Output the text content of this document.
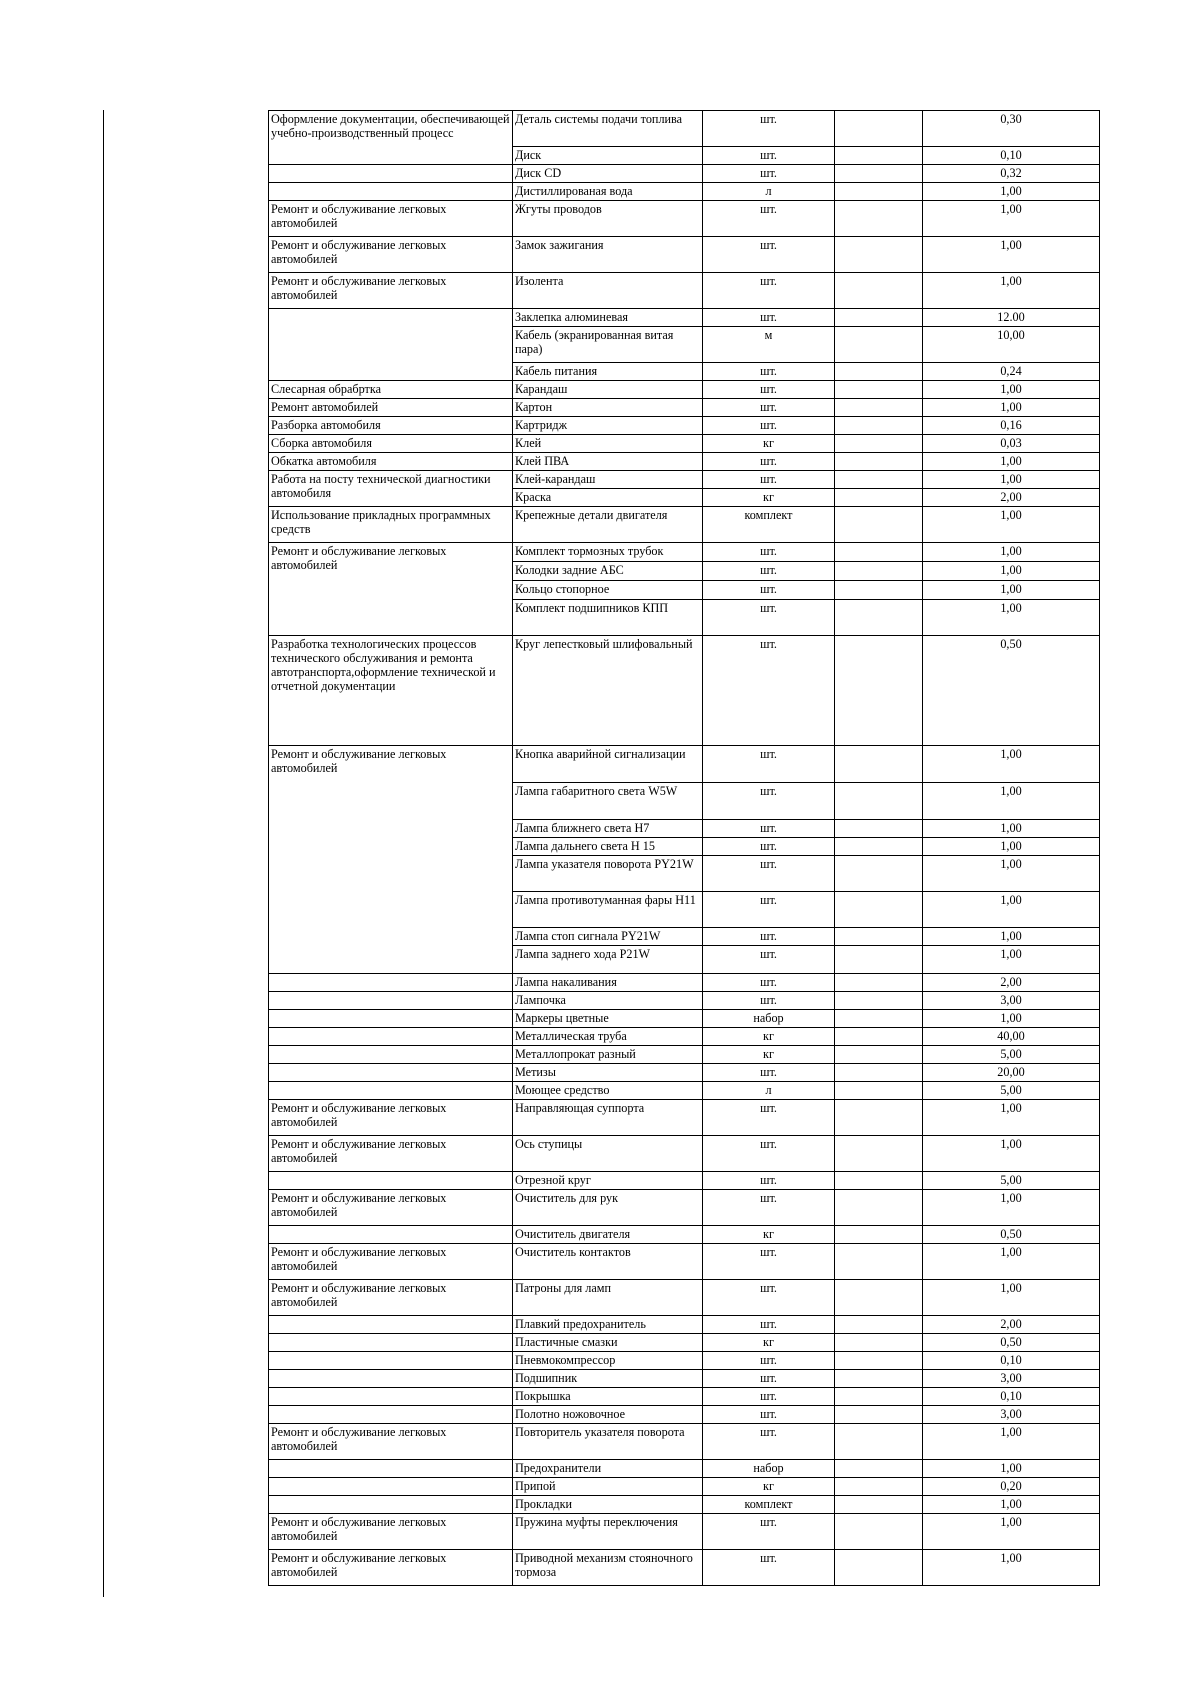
Оформление документации, обеспечивающей учебно-производственный процесс	Деталь системы подачи топлива	шт.		0,30
	Диск	шт.		0,10
	Диск CD	шт.		0,32
	Дистиллированая вода	л		1,00
Ремонт и обслуживание легковых автомобилей	Жгуты проводов	шт.		1,00
Ремонт и обслуживание легковых автомобилей	Замок зажигания	шт.		1,00
Ремонт и обслуживание легковых автомобилей	Изолента	шт.		1,00
	Заклепка алюминевая	шт.		12.00
	Кабель (экранированная витая пара)	м		10,00
	Кабель питания	шт.		0,24
Слесарная обрабртка	Карандаш	шт.		1,00
Ремонт автомобилей	Картон	шт.		1,00
Разборка автомобиля	Картридж	шт.		0,16
Сборка автомобиля	Клей	кг		0,03
Обкатка автомобиля	Клей ПВА	шт.		1,00
Работа на посту технической диагностики автомобиля	Клей-карандаш	шт.		1,00
	Краска	кг		2,00
Использование прикладных программных средств	Крепежные детали двигателя	комплект		1,00
Ремонт и обслуживание легковых автомобилей	Комплект тормозных трубок	шт.		1,00
	Колодки задние АБС	шт.		1,00
	Кольцо стопорное	шт.		1,00
	Комплект подшипников КПП	шт.		1,00
Разработка технологических процессов технического обслуживания и ремонта автотранспорта,оформление технической и отчетной документации	Круг лепестковый шлифовальный	шт.		0,50
Ремонт и обслуживание легковых автомобилей	Кнопка аварийной сигнализации	шт.		1,00
	Лампа габаритного света W5W	шт.		1,00
	Лампа ближнего света H7	шт.		1,00
	Лампа дальнего света Н 15	шт.		1,00
	Лампа указателя поворота PY21W	шт.		1,00
	Лампа противотуманная фары H11	шт.		1,00
	Лампа стоп сигнала PY21W	шт.		1,00
	Лампа заднего хода P21W	шт.		1,00
	Лампа накаливания	шт.		2,00
	Лампочка	шт.		3,00
	Маркеры цветные	набор		1,00
	Металлическая труба	кг		40,00
	Металлопрокат разный	кг		5,00
	Метизы	шт.		20,00
	Моющее средство	л		5,00
Ремонт и обслуживание легковых автомобилей	Направляющая суппорта	шт.		1,00
Ремонт и обслуживание легковых автомобилей	Ось ступицы	шт.		1,00
	Отрезной круг	шт.		5,00
Ремонт и обслуживание легковых автомобилей	Очиститель для рук	шт.		1,00
	Очиститель двигателя	кг		0,50
Ремонт и обслуживание легковых автомобилей	Очиститель контактов	шт.		1,00
Ремонт и обслуживание легковых автомобилей	Патроны для ламп	шт.		1,00
	Плавкий предохранитель	шт.		2,00
	Пластичные смазки	кг		0,50
	Пневмокомпрессор	шт.		0,10
	Подшипник	шт.		3,00
	Покрышка	шт.		0,10
	Полотно ножовочное	шт.		3,00
Ремонт и обслуживание легковых автомобилей	Повторитель указателя поворота	шт.		1,00
	Предохранители	набор		1,00
	Припой	кг		0,20
	Прокладки	комплект		1,00
Ремонт и обслуживание легковых автомобилей	Пружина муфты переключения	шт.		1,00
Ремонт и обслуживание легковых автомобилей	Приводной механизм стояночного тормоза	шт.		1,00
